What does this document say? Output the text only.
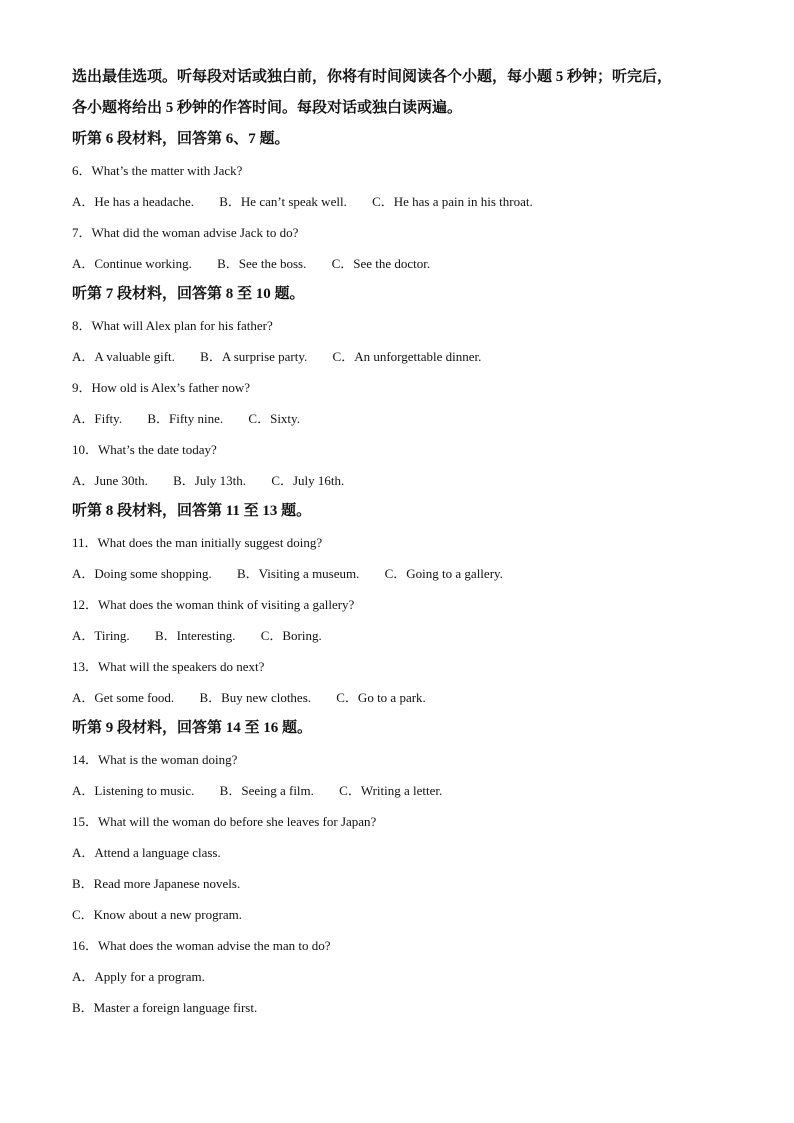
选出最佳选项。听每段对话或独白前，你将有时间阅读各个小题，每小题 5 秒钟；听完后，
各小题将给出 5 秒钟的作答时间。每段对话或独白读两遍。

听第 6 段材料，回答第 6、7 题。

6．What’s the matter with Jack?

A．He has a headache. B．He can’t speak well. C．He has a pain in his throat.

7．What did the woman advise Jack to do?

A．Continue working. B．See the boss. C．See the doctor.

听第 7 段材料，回答第 8 至 10 题。

8．What will Alex plan for his father?

A．A valuable gift. B．A surprise party. C．An unforgettable dinner.

9．How old is Alex’s father now?

A．Fifty. B．Fifty nine. C．Sixty.

10．What’s the date today?

A．June 30th. B．July 13th. C．July 16th.

听第 8 段材料，回答第 11 至 13 题。

11．What does the man initially suggest doing?

A．Doing some shopping. B．Visiting a museum. C．Going to a gallery.

12．What does the woman think of visiting a gallery?

A．Tiring. B．Interesting. C．Boring.

13．What will the speakers do next?

A．Get some food. B．Buy new clothes. C．Go to a park.

听第 9 段材料，回答第 14 至 16 题。

14．What is the woman doing?

A．Listening to music. B．Seeing a film. C．Writing a letter.

15．What will the woman do before she leaves for Japan?

A．Attend a language class.

B．Read more Japanese novels.

C．Know about a new program.

16．What does the woman advise the man to do?

A．Apply for a program.

B．Master a foreign language first.
